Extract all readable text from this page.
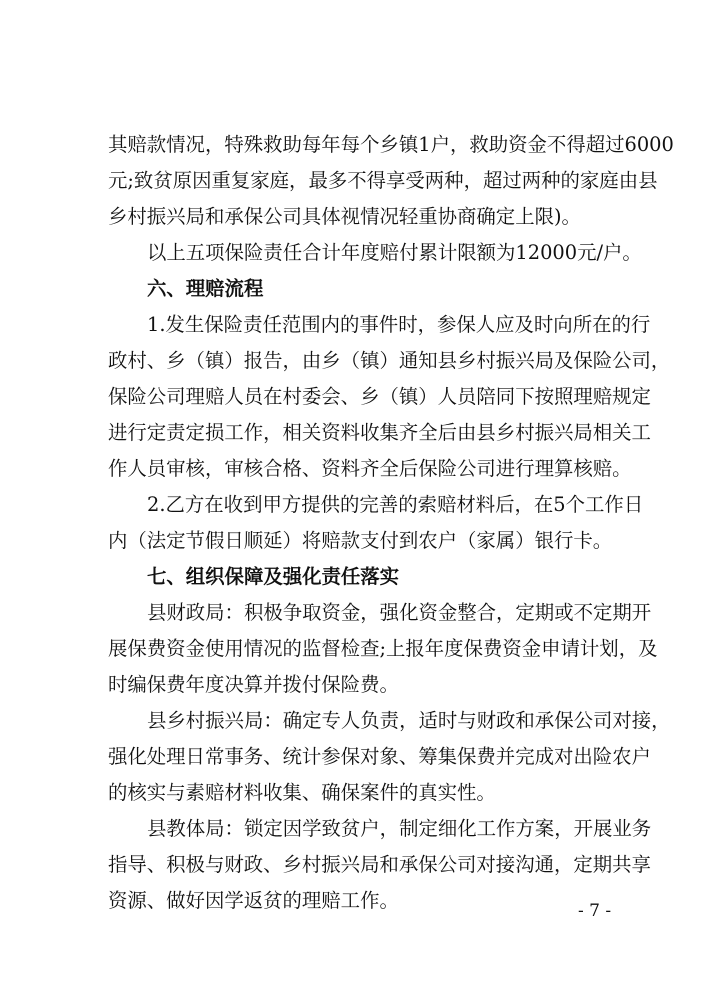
其赔款情况，特殊救助每年每个乡镇1户，救助资金不得超过6000
元;致贫原因重复家庭，最多不得享受两种，超过两种的家庭由县
乡村振兴局和承保公司具体视情况轻重协商确定上限)。
以上五项保险责任合计年度赔付累计限额为12000元/户。
六、理赔流程
1.发生保险责任范围内的事件时，参保人应及时向所在的行
政村、乡（镇）报告，由乡（镇）通知县乡村振兴局及保险公司，
保险公司理赔人员在村委会、乡（镇）人员陪同下按照理赔规定
进行定责定损工作，相关资料收集齐全后由县乡村振兴局相关工
作人员审核，审核合格、资料齐全后保险公司进行理算核赔。
2.乙方在收到甲方提供的完善的索赔材料后，在5个工作日
内（法定节假日顺延）将赔款支付到农户（家属）银行卡。
七、组织保障及强化责任落实
县财政局：积极争取资金，强化资金整合，定期或不定期开
展保费资金使用情况的监督检查;上报年度保费资金申请计划，及
时编保费年度决算并拨付保险费。
县乡村振兴局：确定专人负责，适时与财政和承保公司对接，
强化处理日常事务、统计参保对象、筹集保费并完成对出险农户
的核实与素赔材料收集、确保案件的真实性。
县教体局：锁定因学致贫户，制定细化工作方案，开展业务
指导、积极与财政、乡村振兴局和承保公司对接沟通，定期共享
资源、做好因学返贫的理赔工作。	- 7 -
